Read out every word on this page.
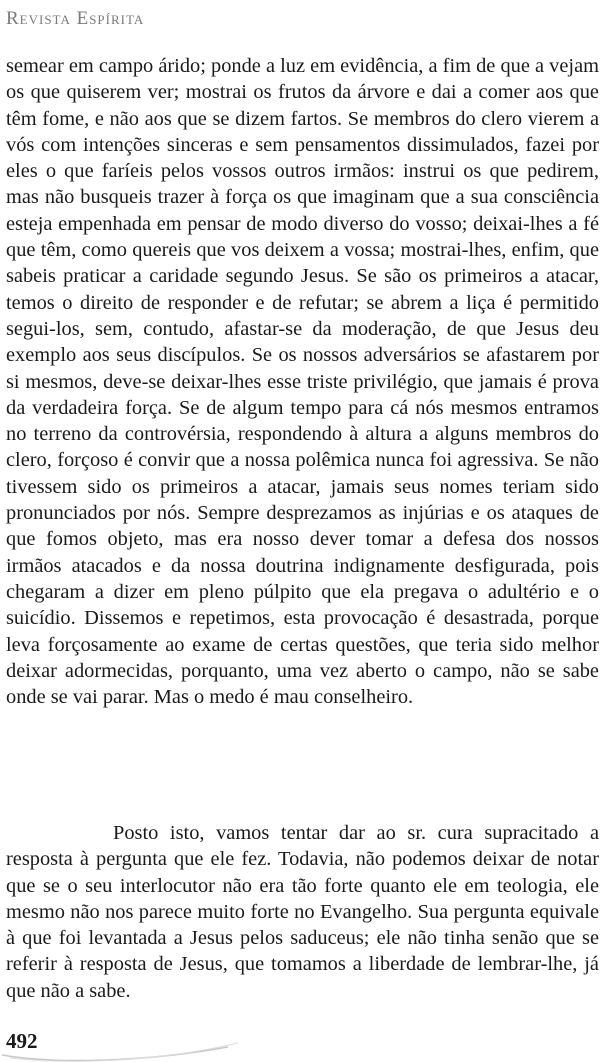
Revista Espírita
semear em campo árido; ponde a luz em evidência, a fim de que a vejam os que quiserem ver; mostrai os frutos da árvore e dai a comer aos que têm fome, e não aos que se dizem fartos. Se membros do clero vierem a vós com intenções sinceras e sem pensamentos dissimulados, fazei por eles o que faríeis pelos vossos outros irmãos: instrui os que pedirem, mas não busqueis trazer à força os que imaginam que a sua consciência esteja empenhada em pensar de modo diverso do vosso; deixai-lhes a fé que têm, como quereis que vos deixem a vossa; mostrai-lhes, enfim, que sabeis praticar a caridade segundo Jesus. Se são os primeiros a atacar, temos o direito de responder e de refutar; se abrem a liça é permitido segui-los, sem, contudo, afastar-se da moderação, de que Jesus deu exemplo aos seus discípulos. Se os nossos adversários se afastarem por si mesmos, deve-se deixar-lhes esse triste privilégio, que jamais é prova da verdadeira força. Se de algum tempo para cá nós mesmos entramos no terreno da controvérsia, respondendo à altura a alguns membros do clero, forçoso é convir que a nossa polêmica nunca foi agressiva. Se não tivessem sido os primeiros a atacar, jamais seus nomes teriam sido pronunciados por nós. Sempre desprezamos as injúrias e os ataques de que fomos objeto, mas era nosso dever tomar a defesa dos nossos irmãos atacados e da nossa doutrina indignamente desfigurada, pois chegaram a dizer em pleno púlpito que ela pregava o adultério e o suicídio. Dissemos e repetimos, esta provocação é desastrada, porque leva forçosamente ao exame de certas questões, que teria sido melhor deixar adormecidas, porquanto, uma vez aberto o campo, não se sabe onde se vai parar. Mas o medo é mau conselheiro.
Posto isto, vamos tentar dar ao sr. cura supracitado a resposta à pergunta que ele fez. Todavia, não podemos deixar de notar que se o seu interlocutor não era tão forte quanto ele em teologia, ele mesmo não nos parece muito forte no Evangelho. Sua pergunta equivale à que foi levantada a Jesus pelos saduceus; ele não tinha senão que se referir à resposta de Jesus, que tomamos a liberdade de lembrar-lhe, já que não a sabe.
492
